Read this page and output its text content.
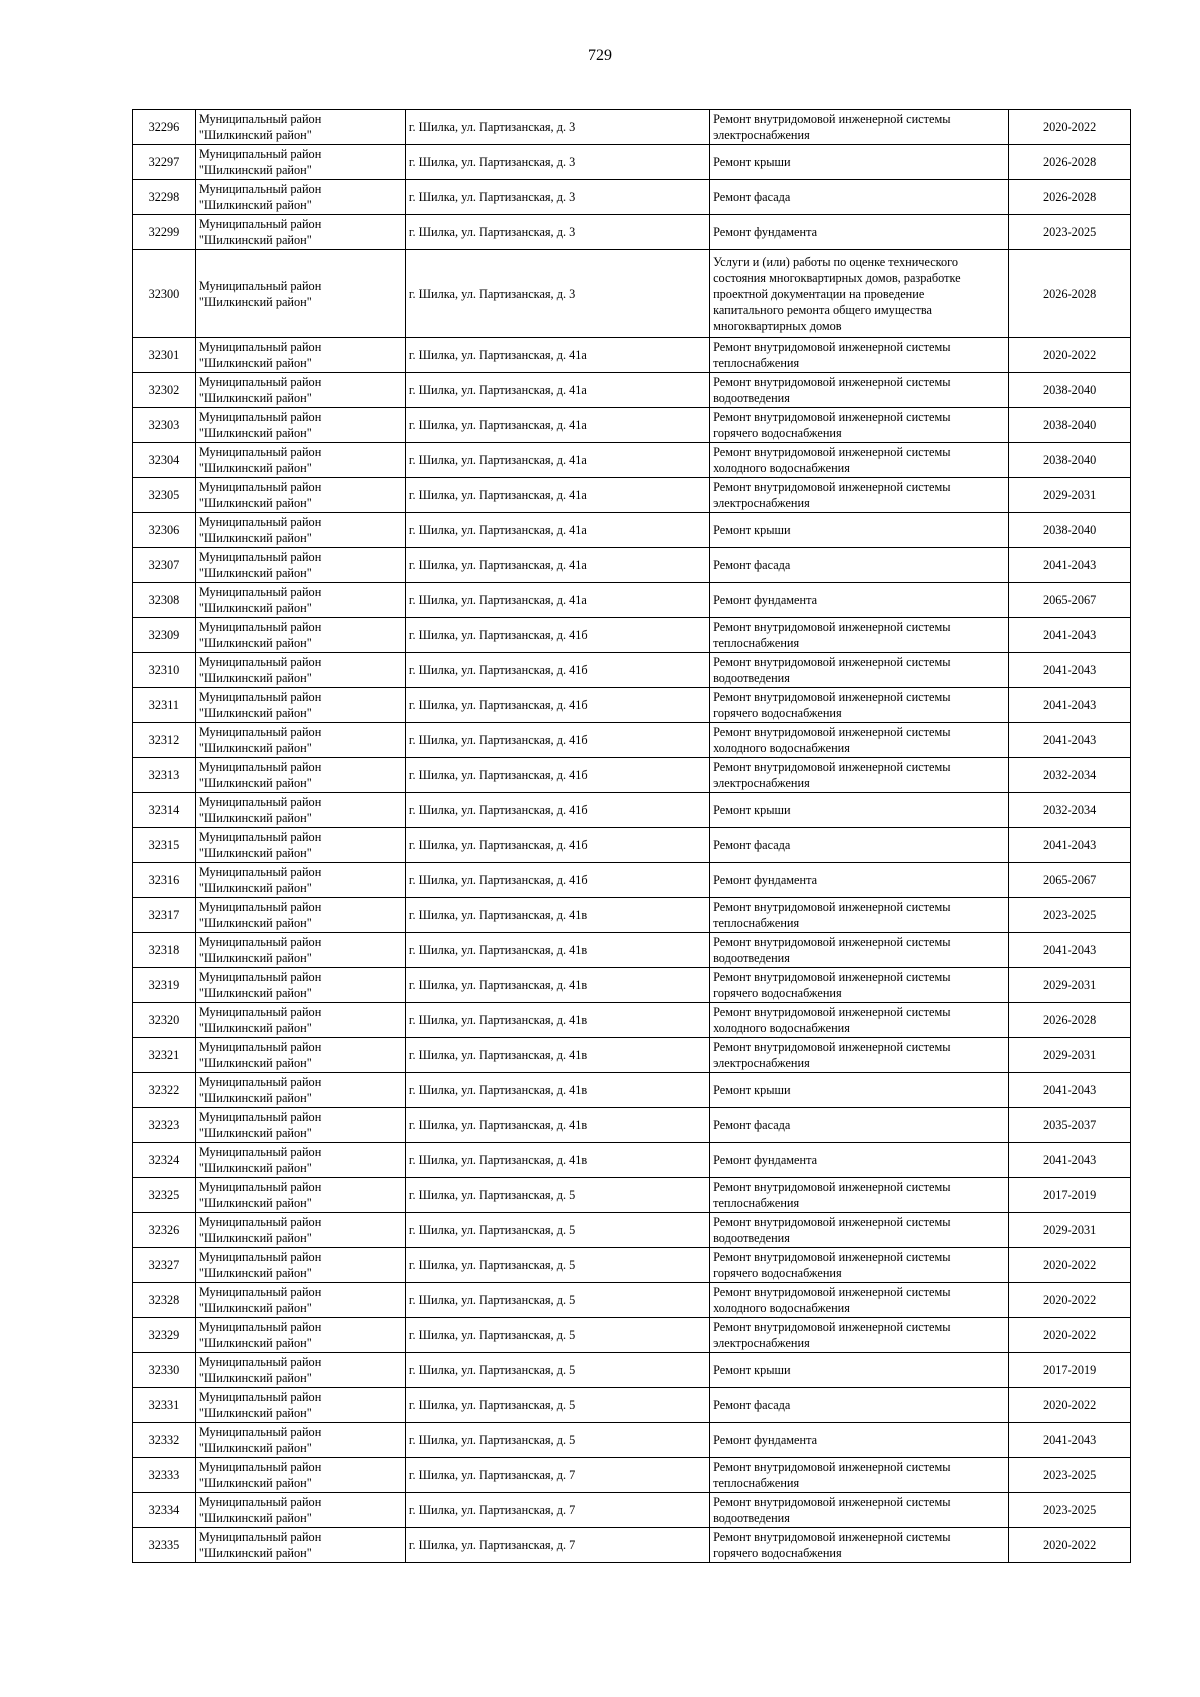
729
32296	Муниципальный район
"Шилкинский район"	г. Шилка, ул. Партизанская, д. 3	Ремонт внутридомовой инженерной системы
электроснабжения	2020-2022

32297	Муниципальный район
"Шилкинский район"	г. Шилка, ул. Партизанская, д. 3	Ремонт крыши	2026-2028

32298	Муниципальный район
"Шилкинский район"	г. Шилка, ул. Партизанская, д. 3	Ремонт фасада	2026-2028

32299	Муниципальный район
"Шилкинский район"	г. Шилка, ул. Партизанская, д. 3	Ремонт фундамента	2023-2025

32300	Муниципальный район
"Шилкинский район"	г. Шилка, ул. Партизанская, д. 3	Услуги и (или) работы по оценке технического
состояния многоквартирных домов, разработке
проектной документации на проведение
капитального ремонта общего имущества
многоквартирных домов	2026-2028

32301	Муниципальный район
"Шилкинский район"	г. Шилка, ул. Партизанская, д. 41а	Ремонт внутридомовой инженерной системы
теплоснабжения	2020-2022

32302	Муниципальный район
"Шилкинский район"	г. Шилка, ул. Партизанская, д. 41а	Ремонт внутридомовой инженерной системы
водоотведения	2038-2040

32303	Муниципальный район
"Шилкинский район"	г. Шилка, ул. Партизанская, д. 41а	Ремонт внутридомовой инженерной системы
горячего водоснабжения	2038-2040

32304	Муниципальный район
"Шилкинский район"	г. Шилка, ул. Партизанская, д. 41а	Ремонт внутридомовой инженерной системы
холодного водоснабжения	2038-2040

32305	Муниципальный район
"Шилкинский район"	г. Шилка, ул. Партизанская, д. 41а	Ремонт внутридомовой инженерной системы
электроснабжения	2029-2031

32306	Муниципальный район
"Шилкинский район"	г. Шилка, ул. Партизанская, д. 41а	Ремонт крыши	2038-2040

32307	Муниципальный район
"Шилкинский район"	г. Шилка, ул. Партизанская, д. 41а	Ремонт фасада	2041-2043

32308	Муниципальный район
"Шилкинский район"	г. Шилка, ул. Партизанская, д. 41а	Ремонт фундамента	2065-2067

32309	Муниципальный район
"Шилкинский район"	г. Шилка, ул. Партизанская, д. 41б	Ремонт внутридомовой инженерной системы
теплоснабжения	2041-2043

32310	Муниципальный район
"Шилкинский район"	г. Шилка, ул. Партизанская, д. 41б	Ремонт внутридомовой инженерной системы
водоотведения	2041-2043

32311	Муниципальный район
"Шилкинский район"	г. Шилка, ул. Партизанская, д. 41б	Ремонт внутридомовой инженерной системы
горячего водоснабжения	2041-2043

32312	Муниципальный район
"Шилкинский район"	г. Шилка, ул. Партизанская, д. 41б	Ремонт внутридомовой инженерной системы
холодного водоснабжения	2041-2043

32313	Муниципальный район
"Шилкинский район"	г. Шилка, ул. Партизанская, д. 41б	Ремонт внутридомовой инженерной системы
электроснабжения	2032-2034

32314	Муниципальный район
"Шилкинский район"	г. Шилка, ул. Партизанская, д. 41б	Ремонт крыши	2032-2034

32315	Муниципальный район
"Шилкинский район"	г. Шилка, ул. Партизанская, д. 41б	Ремонт фасада	2041-2043

32316	Муниципальный район
"Шилкинский район"	г. Шилка, ул. Партизанская, д. 41б	Ремонт фундамента	2065-2067

32317	Муниципальный район
"Шилкинский район"	г. Шилка, ул. Партизанская, д. 41в	Ремонт внутридомовой инженерной системы
теплоснабжения	2023-2025

32318	Муниципальный район
"Шилкинский район"	г. Шилка, ул. Партизанская, д. 41в	Ремонт внутридомовой инженерной системы
водоотведения	2041-2043

32319	Муниципальный район
"Шилкинский район"	г. Шилка, ул. Партизанская, д. 41в	Ремонт внутридомовой инженерной системы
горячего водоснабжения	2029-2031

32320	Муниципальный район
"Шилкинский район"	г. Шилка, ул. Партизанская, д. 41в	Ремонт внутридомовой инженерной системы
холодного водоснабжения	2026-2028

32321	Муниципальный район
"Шилкинский район"	г. Шилка, ул. Партизанская, д. 41в	Ремонт внутридомовой инженерной системы
электроснабжения	2029-2031

32322	Муниципальный район
"Шилкинский район"	г. Шилка, ул. Партизанская, д. 41в	Ремонт крыши	2041-2043

32323	Муниципальный район
"Шилкинский район"	г. Шилка, ул. Партизанская, д. 41в	Ремонт фасада	2035-2037

32324	Муниципальный район
"Шилкинский район"	г. Шилка, ул. Партизанская, д. 41в	Ремонт фундамента	2041-2043

32325	Муниципальный район
"Шилкинский район"	г. Шилка, ул. Партизанская, д. 5	Ремонт внутридомовой инженерной системы
теплоснабжения	2017-2019

32326	Муниципальный район
"Шилкинский район"	г. Шилка, ул. Партизанская, д. 5	Ремонт внутридомовой инженерной системы
водоотведения	2029-2031

32327	Муниципальный район
"Шилкинский район"	г. Шилка, ул. Партизанская, д. 5	Ремонт внутридомовой инженерной системы
горячего водоснабжения	2020-2022

32328	Муниципальный район
"Шилкинский район"	г. Шилка, ул. Партизанская, д. 5	Ремонт внутридомовой инженерной системы
холодного водоснабжения	2020-2022

32329	Муниципальный район
"Шилкинский район"	г. Шилка, ул. Партизанская, д. 5	Ремонт внутридомовой инженерной системы
электроснабжения	2020-2022

32330	Муниципальный район
"Шилкинский район"	г. Шилка, ул. Партизанская, д. 5	Ремонт крыши	2017-2019

32331	Муниципальный район
"Шилкинский район"	г. Шилка, ул. Партизанская, д. 5	Ремонт фасада	2020-2022

32332	Муниципальный район
"Шилкинский район"	г. Шилка, ул. Партизанская, д. 5	Ремонт фундамента	2041-2043

32333	Муниципальный район
"Шилкинский район"	г. Шилка, ул. Партизанская, д. 7	Ремонт внутридомовой инженерной системы
теплоснабжения	2023-2025

32334	Муниципальный район
"Шилкинский район"	г. Шилка, ул. Партизанская, д. 7	Ремонт внутридомовой инженерной системы
водоотведения	2023-2025

32335	Муниципальный район
"Шилкинский район"	г. Шилка, ул. Партизанская, д. 7	Ремонт внутридомовой инженерной системы
горячего водоснабжения	2020-2022
